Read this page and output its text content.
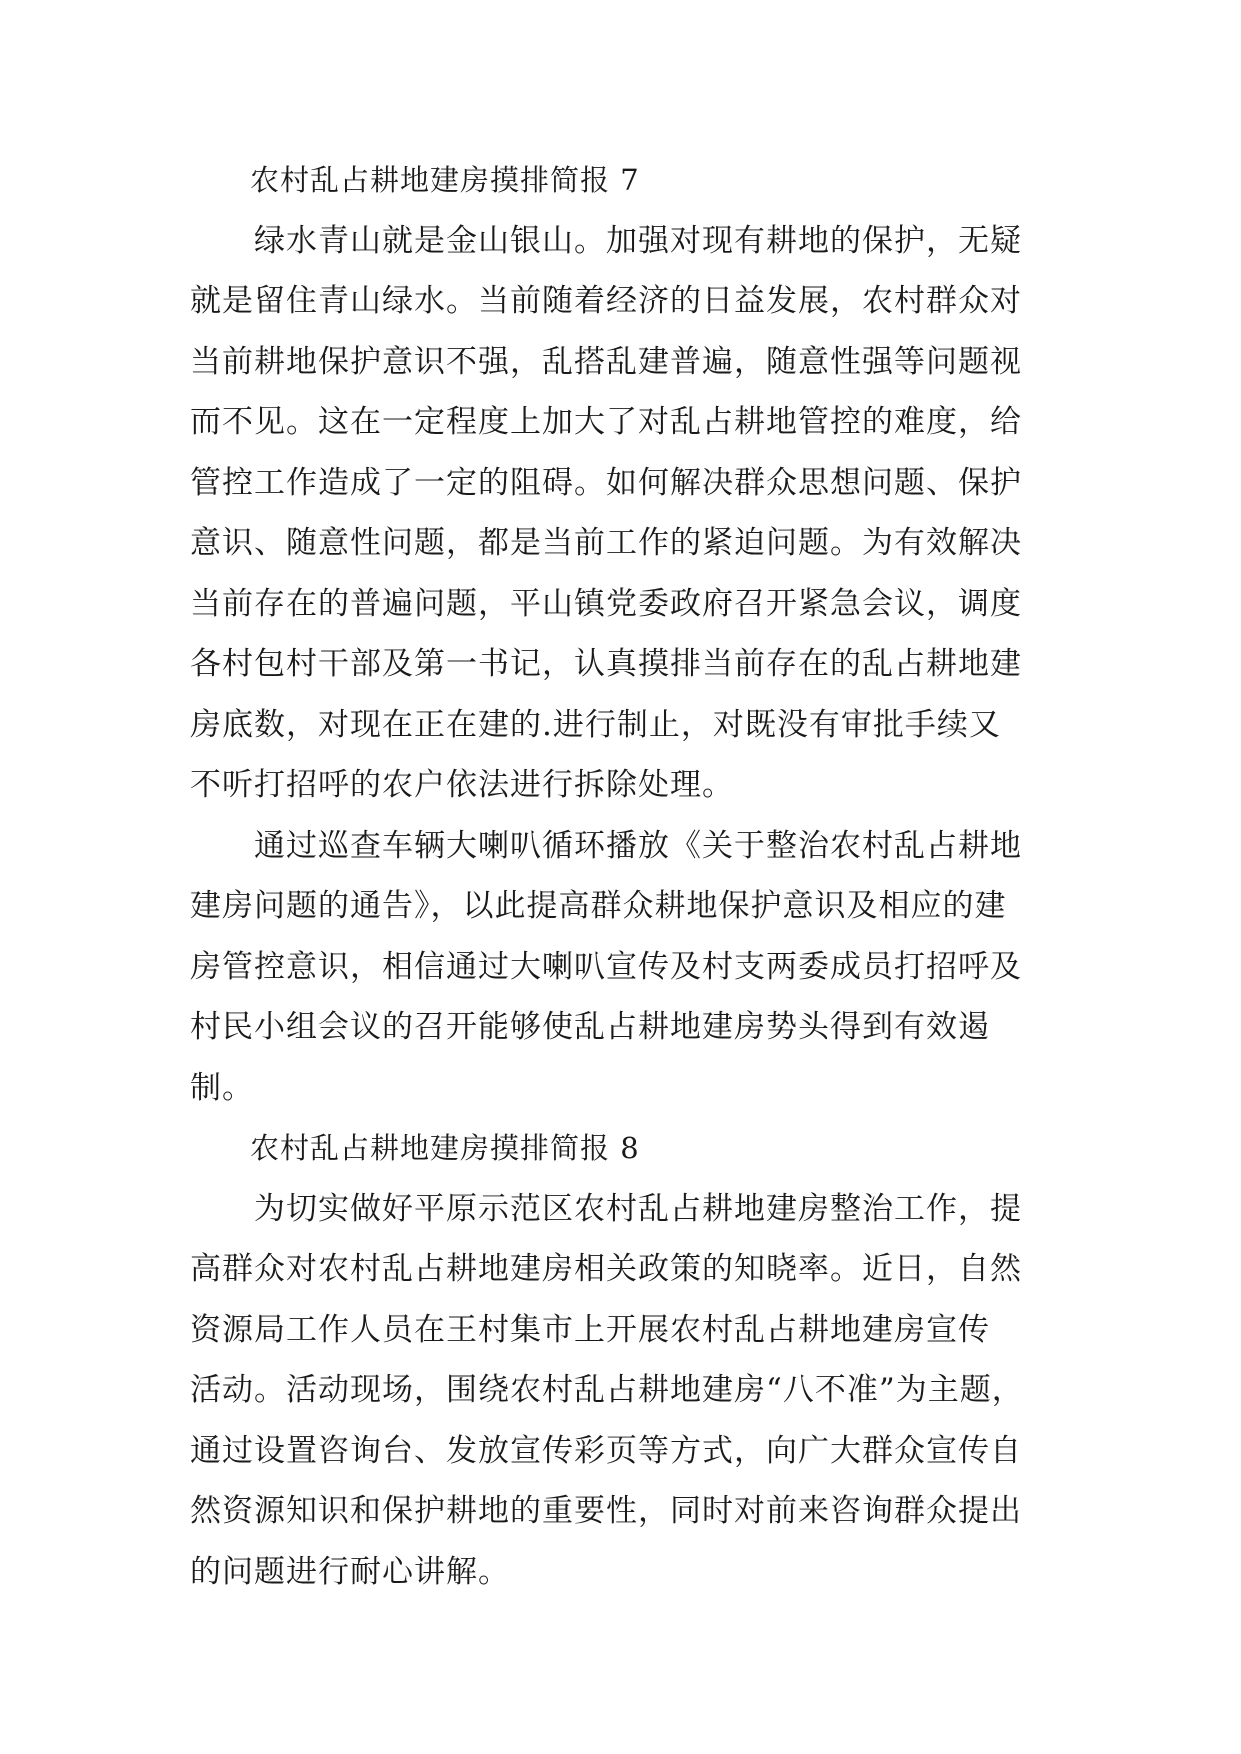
　　农村乱占耕地建房摸排简报 7
　　绿水青山就是金山银山。加强对现有耕地的保护，无疑
就是留住青山绿水。当前随着经济的日益发展，农村群众对
当前耕地保护意识不强，乱搭乱建普遍，随意性强等问题视
而不见。这在一定程度上加大了对乱占耕地管控的难度，给
管控工作造成了一定的阻碍。如何解决群众思想问题、保护
意识、随意性问题，都是当前工作的紧迫问题。为有效解决
当前存在的普遍问题，平山镇党委政府召开紧急会议，调度
各村包村干部及第一书记，认真摸排当前存在的乱占耕地建
房底数，对现在正在建的.进行制止，对既没有审批手续又
不听打招呼的农户依法进行拆除处理。
　　通过巡查车辆大喇叭循环播放《关于整治农村乱占耕地
建房问题的通告》，以此提高群众耕地保护意识及相应的建
房管控意识，相信通过大喇叭宣传及村支两委成员打招呼及
村民小组会议的召开能够使乱占耕地建房势头得到有效遏
制。
　　农村乱占耕地建房摸排简报 8
　　为切实做好平原示范区农村乱占耕地建房整治工作，提
高群众对农村乱占耕地建房相关政策的知晓率。近日，自然
资源局工作人员在王村集市上开展农村乱占耕地建房宣传
活动。活动现场，围绕农村乱占耕地建房“八不准”为主题，
通过设置咨询台、发放宣传彩页等方式，向广大群众宣传自
然资源知识和保护耕地的重要性，同时对前来咨询群众提出
的问题进行耐心讲解。
